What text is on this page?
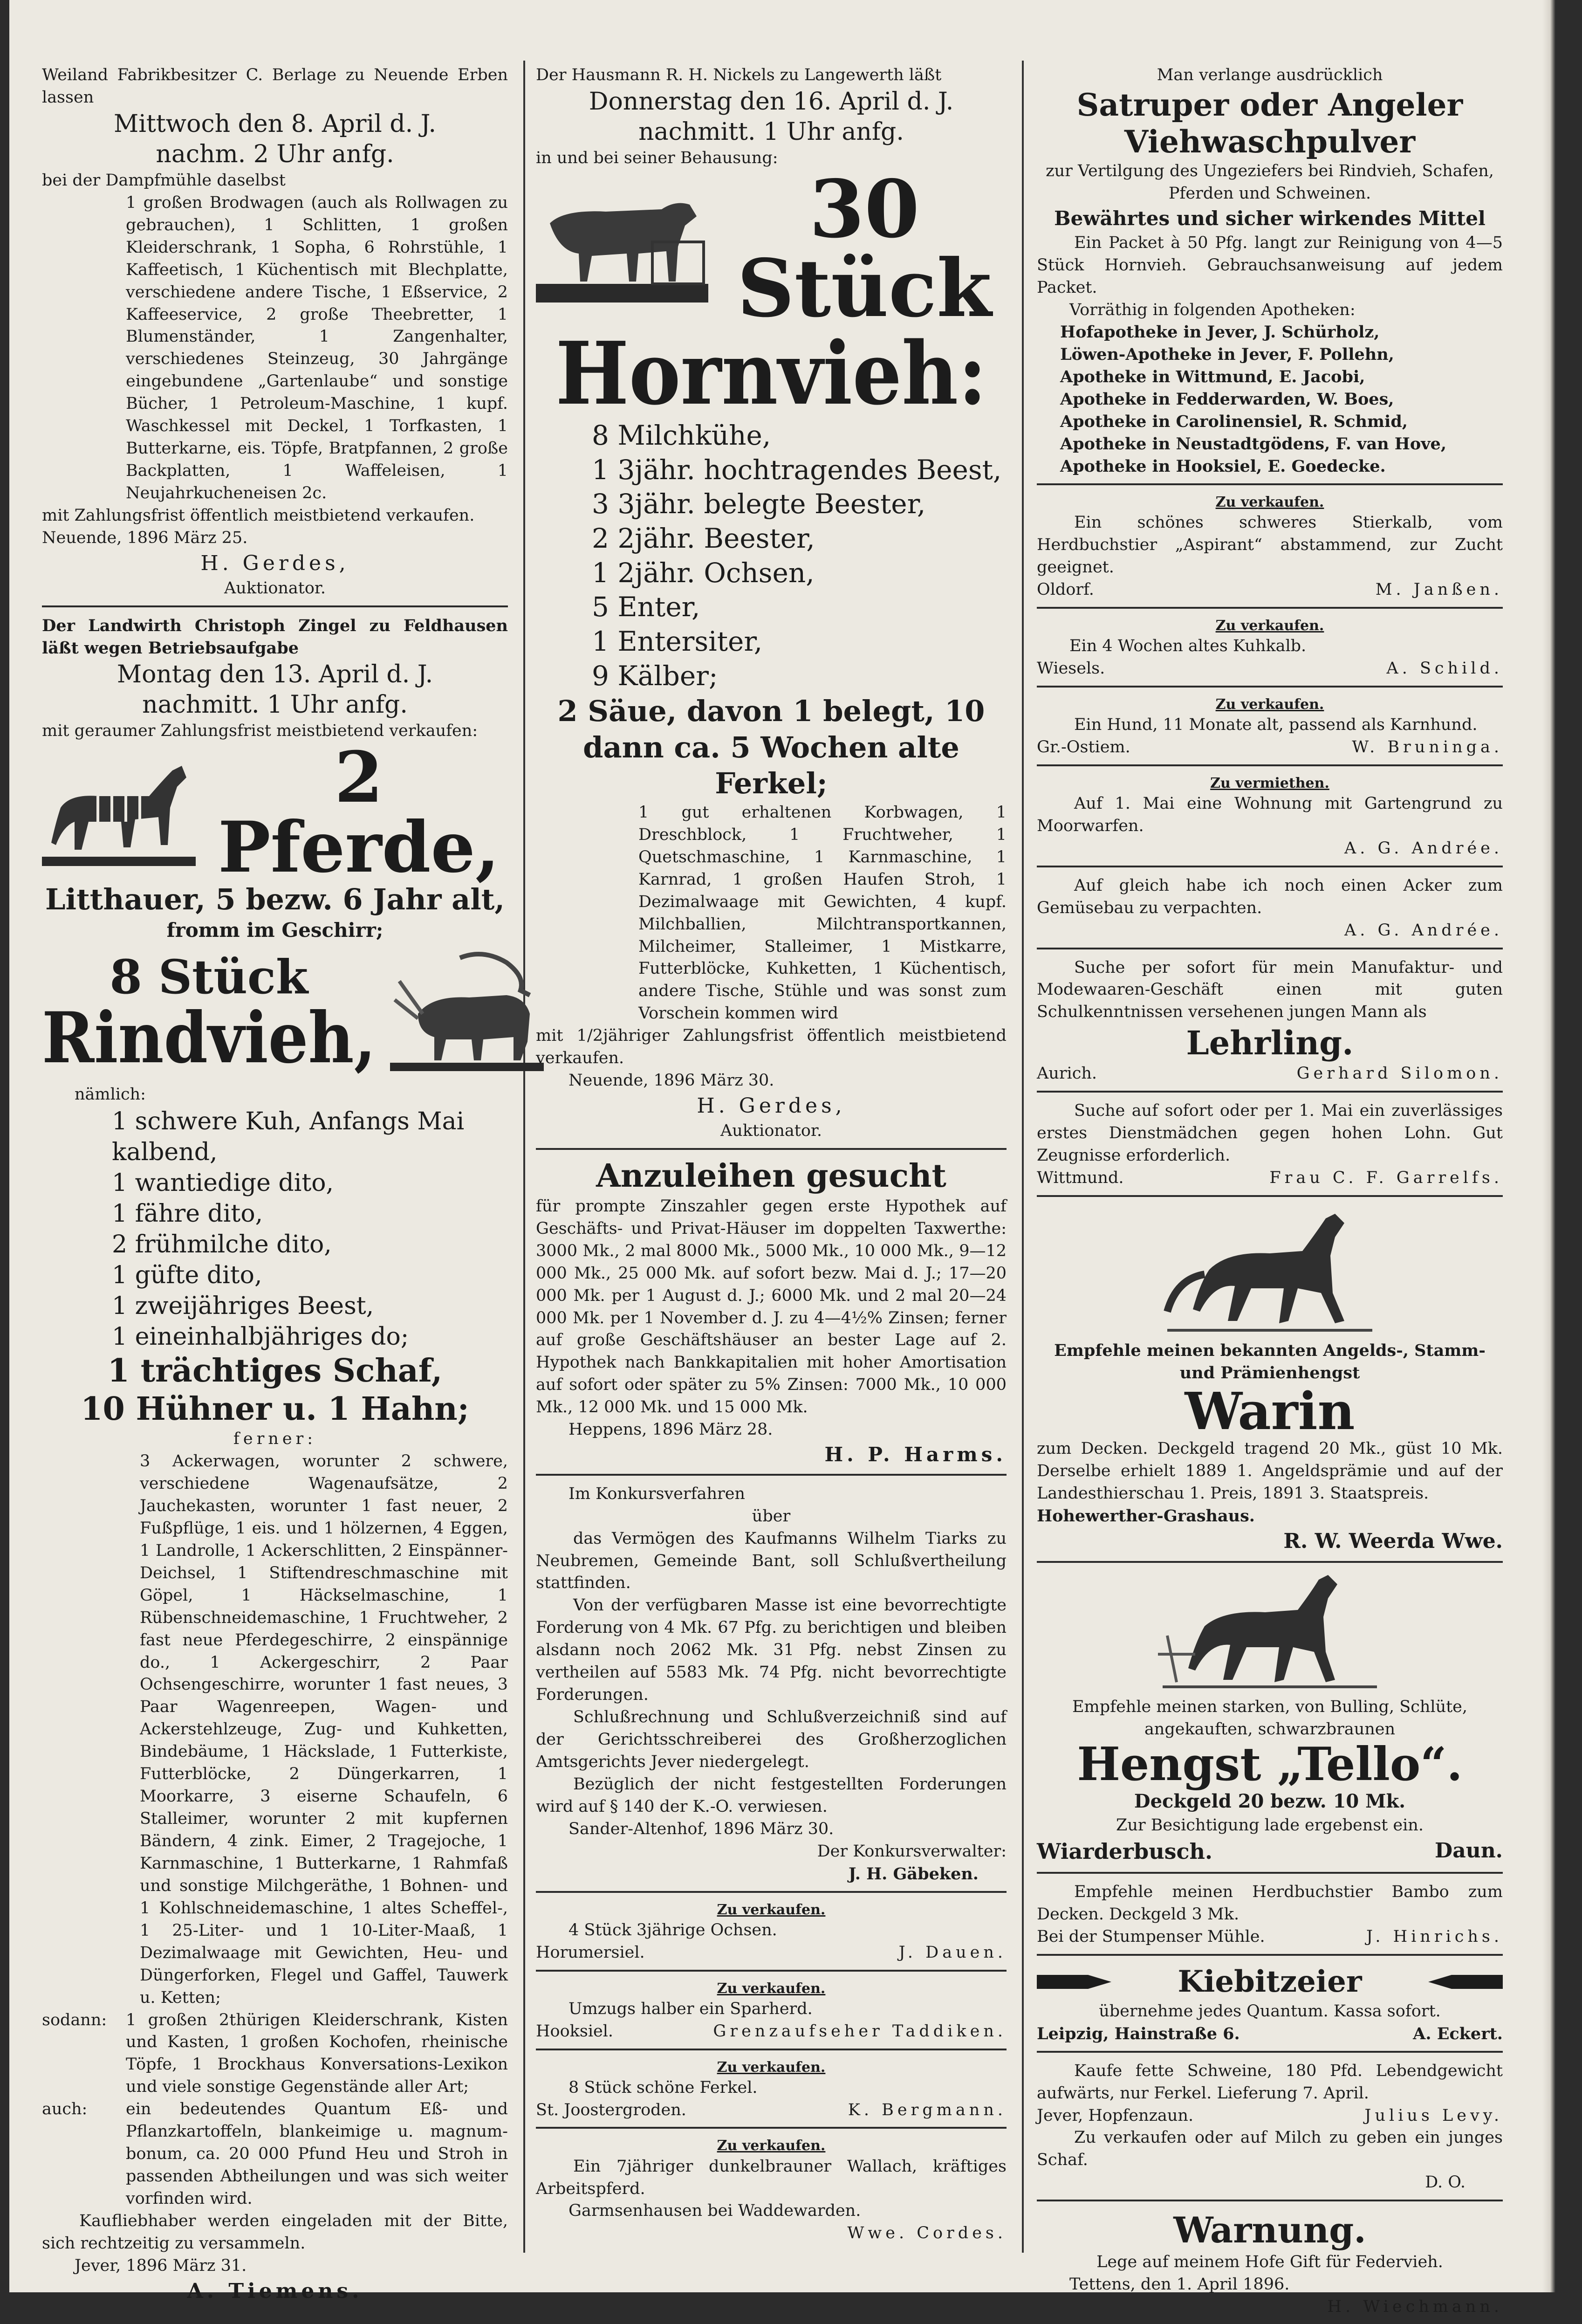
Weiland Fabrikbesitzer C. Berlage zu Neuende Erben lassen

Mittwoch den 8. April d. J.

nachm. 2 Uhr anfg.

bei der Dampfmühle daselbst

1 großen Brodwagen (auch als Rollwagen zu gebrauchen), 1 Schlitten, 1 großen Kleiderschrank, 1 Sopha, 6 Rohrstühle, 1 Kaffeetisch, 1 Küchentisch mit Blechplatte, verschiedene andere Tische, 1 Eßservice, 2 Kaffeeservice, 2 große Theebretter, 1 Blumenständer, 1 Zangenhalter, verschiedenes Steinzeug, 30 Jahrgänge eingebundene „Gartenlaube“ und sonstige Bücher, 1 Petroleum-Maschine, 1 kupf. Waschkessel mit Deckel, 1 Torfkasten, 1 Butterkarne, eis. Töpfe, Bratpfannen, 2 große Backplatten, 1 Waffeleisen, 1 Neujahrkucheneisen 2c.

mit Zahlungsfrist öffentlich meistbietend verkaufen.

Neuende, 1896 März 25.

H. Gerdes,

Auktionator.

Der Landwirth Christoph Zingel zu Feldhausen läßt wegen Betriebsaufgabe

Montag den 13. April d. J.

nachmitt. 1 Uhr anfg.

mit geraumer Zahlungsfrist meistbietend verkaufen:

2 Pferde,

Litthauer, 5 bezw. 6 Jahr alt,

fromm im Geschirr;

8 Stück

Rindvieh,

nämlich:

1 schwere Kuh, Anfangs Mai kalbend,

1 wantiedige dito,

1 fähre dito,

2 frühmilche dito,

1 güfte dito,

1 zweijähriges Beest,

1 eineinhalbjähriges do;

1 trächtiges Schaf,

10 Hühner u. 1 Hahn;

ferner:

3 Ackerwagen, worunter 2 schwere, verschiedene Wagenaufsätze, 2 Jauchekasten, worunter 1 fast neuer, 2 Fußpflüge, 1 eis. und 1 hölzernen, 4 Eggen, 1 Landrolle, 1 Ackerschlitten, 2 Einspänner-Deichsel, 1 Stiftendreschmaschine mit Göpel, 1 Häckselmaschine, 1 Rübenschneidemaschine, 1 Fruchtweher, 2 fast neue Pferdegeschirre, 2 einspännige do., 1 Ackergeschirr, 2 Paar Ochsengeschirre, worunter 1 fast neues, 3 Paar Wagenreepen, Wagen- und Ackerstehlzeuge, Zug- und Kuhketten, Bindebäume, 1 Häckslade, 1 Futterkiste, Futterblöcke, 2 Düngerkarren, 1 Moorkarre, 3 eiserne Schaufeln, 6 Stalleimer, worunter 2 mit kupfernen Bändern, 4 zink. Eimer, 2 Tragejoche, 1 Karnmaschine, 1 Butterkarne, 1 Rahmfaß und sonstige Milchgeräthe, 1 Bohnen- und 1 Kohlschneidemaschine, 1 altes Scheffel-, 1 25-Liter- und 1 10-Liter-Maaß, 1 Dezimalwaage mit Gewichten, Heu- und Düngerforken, Flegel und Gaffel, Tauwerk u. Ketten;

sodann:	1 großen 2thürigen Kleiderschrank, Kisten und Kasten, 1 großen Kochofen, rheinische Töpfe, 1 Brockhaus Konversations-Lexikon und viele sonstige Gegenstände aller Art;
auch:	ein bedeutendes Quantum Eß- und Pflanzkartoffeln, blankeimige u. magnum-bonum, ca. 20 000 Pfund Heu und Stroh in passenden Abtheilungen und was sich weiter vorfinden wird.

Kaufliebhaber werden eingeladen mit der Bitte, sich rechtzeitig zu versammeln.

Jever, 1896 März 31.

A. Tiemens.

Der Hausmann R. H. Nickels zu Langewerth läßt

Donnerstag den 16. April d. J.

nachmitt. 1 Uhr anfg.

in und bei seiner Behausung:

30 Stück

Hornvieh:

8 Milchkühe,

1 3jähr. hochtragendes Beest,

3 3jähr. belegte Beester,

2 2jähr. Beester,

1 2jähr. Ochsen,

5 Enter,

1 Entersiter,

9 Kälber;

2 Säue, davon 1 belegt, 10 dann ca. 5 Wochen alte Ferkel;

1 gut erhaltenen Korbwagen, 1 Dreschblock, 1 Fruchtweher, 1 Quetschmaschine, 1 Karnmaschine, 1 Karnrad, 1 großen Haufen Stroh, 1 Dezimalwaage mit Gewichten, 4 kupf. Milchballien, Milchtransportkannen, Milcheimer, Stalleimer, 1 Mistkarre, Futterblöcke, Kuhketten, 1 Küchentisch, andere Tische, Stühle und was sonst zum Vorschein kommen wird

mit 1/2jähriger Zahlungsfrist öffentlich meistbietend verkaufen.

Neuende, 1896 März 30.

H. Gerdes,

Auktionator.

Anzuleihen gesucht

für prompte Zinszahler gegen erste Hypothek auf Geschäfts- und Privat-Häuser im doppelten Taxwerthe: 3000 Mk., 2 mal 8000 Mk., 5000 Mk., 10 000 Mk., 9—12 000 Mk., 25 000 Mk. auf sofort bezw. Mai d. J.; 17—20 000 Mk. per 1 August d. J.; 6000 Mk. und 2 mal 20—24 000 Mk. per 1 November d. J. zu 4—4½% Zinsen; ferner auf große Geschäftshäuser an bester Lage auf 2. Hypothek nach Bankkapitalien mit hoher Amortisation auf sofort oder später zu 5% Zinsen: 7000 Mk., 10 000 Mk., 12 000 Mk. und 15 000 Mk.

Heppens, 1896 März 28.

H. P. Harms.

Im Konkursverfahren

über

das Vermögen des Kaufmanns Wilhelm Tiarks zu Neubremen, Gemeinde Bant, soll Schlußvertheilung stattfinden.

Von der verfügbaren Masse ist eine bevorrechtigte Forderung von 4 Mk. 67 Pfg. zu berichtigen und bleiben alsdann noch 2062 Mk. 31 Pfg. nebst Zinsen zu vertheilen auf 5583 Mk. 74 Pfg. nicht bevorrechtigte Forderungen.

Schlußrechnung und Schlußverzeichniß sind auf der Gerichtsschreiberei des Großherzoglichen Amtsgerichts Jever niedergelegt.

Bezüglich der nicht festgestellten Forderungen wird auf § 140 der K.-O. verwiesen.

Sander-Altenhof, 1896 März 30.

Der Konkursverwalter:

J. H. Gäbeken.

Zu verkaufen.

4 Stück 3jährige Ochsen.

Horumersiel.	J. Dauen.

Zu verkaufen.

Umzugs halber ein Sparherd.

Hooksiel.	Grenzaufseher Taddiken.

Zu verkaufen.

8 Stück schöne Ferkel.

St. Joostergroden.	K. Bergmann.

Zu verkaufen.

Ein 7jähriger dunkelbrauner Wallach, kräftiges Arbeitspferd.

Garmsenhausen bei Waddewarden.

Wwe. Cordes.

Man verlange ausdrücklich

Satruper oder Angeler Viehwaschpulver

zur Vertilgung des Ungeziefers bei Rindvieh, Schafen, Pferden und Schweinen.

Bewährtes und sicher wirkendes Mittel

Ein Packet à 50 Pfg. langt zur Reinigung von 4—5 Stück Hornvieh. Gebrauchsanweisung auf jedem Packet.

Vorräthig in folgenden Apotheken:

Hofapotheke in Jever, J. Schürholz,

Löwen-Apotheke in Jever, F. Pollehn,

Apotheke in Wittmund, E. Jacobi,

Apotheke in Fedderwarden, W. Boes,

Apotheke in Carolinensiel, R. Schmid,

Apotheke in Neustadtgödens, F. van Hove,

Apotheke in Hooksiel, E. Goedecke.

Zu verkaufen.

Ein schönes schweres Stierkalb, vom Herdbuchstier „Aspirant“ abstammend, zur Zucht geeignet.

Oldorf.	M. Janßen.

Zu verkaufen.

Ein 4 Wochen altes Kuhkalb.

Wiesels.	A. Schild.

Zu verkaufen.

Ein Hund, 11 Monate alt, passend als Karnhund.

Gr.-Ostiem.	W. Bruninga.

Zu vermiethen.

Auf 1. Mai eine Wohnung mit Gartengrund zu Moorwarfen.

A. G. Andrée.

Auf gleich habe ich noch einen Acker zum Gemüsebau zu verpachten.

A. G. Andrée.

Suche per sofort für mein Manufaktur- und Modewaaren-Geschäft einen mit guten Schulkenntnissen versehenen jungen Mann als

Lehrling.

Aurich.	Gerhard Silomon.

Suche auf sofort oder per 1. Mai ein zuverlässiges erstes Dienstmädchen gegen hohen Lohn. Gut Zeugnisse erforderlich.

Wittmund.	Frau C. F. Garrelfs.

Empfehle meinen bekannten Angelds-, Stamm- und Prämienhengst

Warin

zum Decken. Deckgeld tragend 20 Mk., güst 10 Mk. Derselbe erhielt 1889 1. Angeldsprämie und auf der Landesthierschau 1. Preis, 1891 3. Staatspreis.

Hohewerther-Grashaus.

R. W. Weerda Wwe.

Empfehle meinen starken, von Bulling, Schlüte, angekauften, schwarzbraunen

Hengst „Tello“.

Deckgeld 20 bezw. 10 Mk.

Zur Besichtigung lade ergebenst ein.

Wiarderbusch.	Daun.

Empfehle meinen Herdbuchstier Bambo zum Decken. Deckgeld 3 Mk.

Bei der Stumpenser Mühle.	J. Hinrichs.
Kiebitzeier

übernehme jedes Quantum. Kassa sofort.

Leipzig, Hainstraße 6.	A. Eckert.

Kaufe fette Schweine, 180 Pfd. Lebendgewicht aufwärts, nur Ferkel. Lieferung 7. April.

Jever, Hopfenzaun.	Julius Levy.

Zu verkaufen oder auf Milch zu geben ein junges Schaf.

D. O.

Warnung.

Lege auf meinem Hofe Gift für Federvieh.

Tettens, den 1. April 1896.

H. Wiechmann.
